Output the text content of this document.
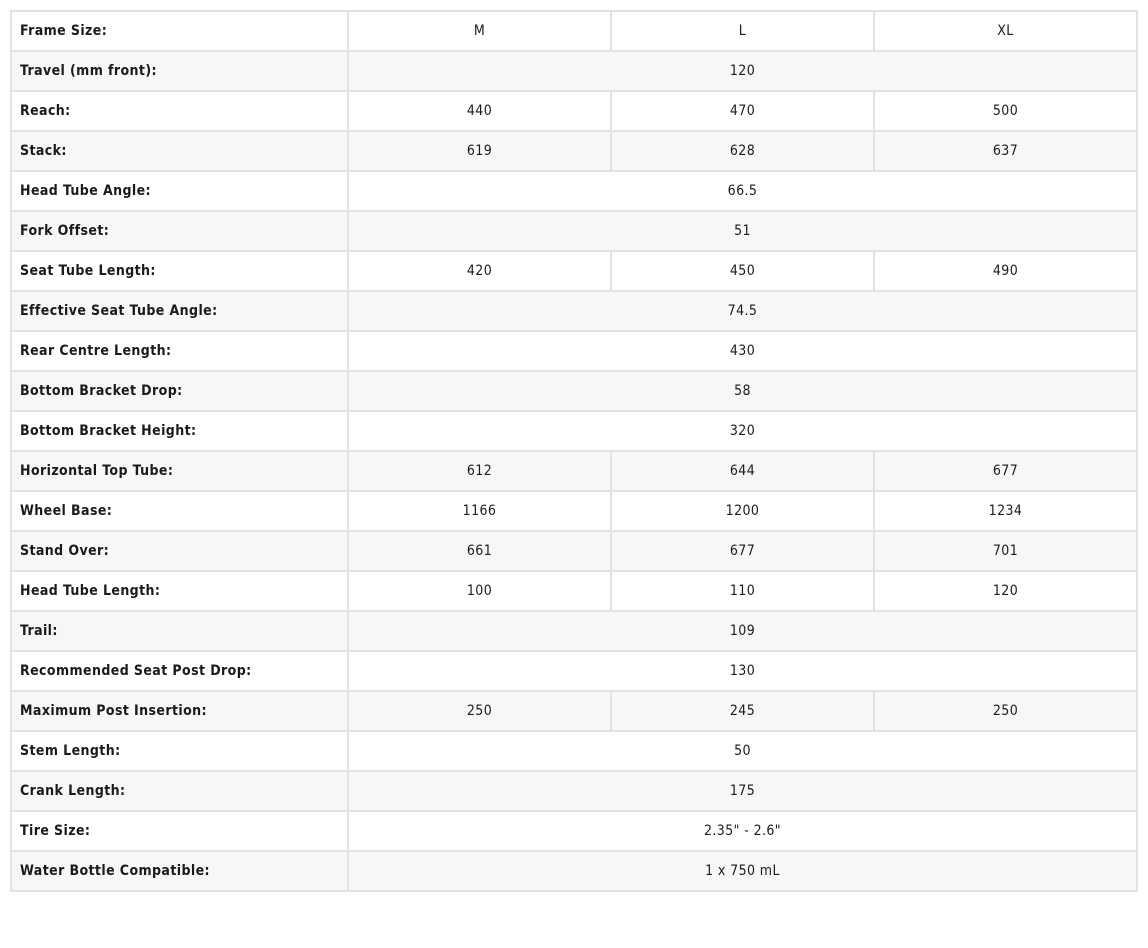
Frame Size:	M	L	XL
Travel (mm front):	120		
Reach:	440	470	500
Stack:	619	628	637
Head Tube Angle:	66.5		
Fork Offset:	51		
Seat Tube Length:	420	450	490
Effective Seat Tube Angle:	74.5		
Rear Centre Length:	430		
Bottom Bracket Drop:	58		
Bottom Bracket Height:	320		
Horizontal Top Tube:	612	644	677
Wheel Base:	1166	1200	1234
Stand Over:	661	677	701
Head Tube Length:	100	110	120
Trail:	109		
Recommended Seat Post Drop:	130		
Maximum Post Insertion:	250	245	250
Stem Length:	50		
Crank Length:	175		
Tire Size:	2.35" - 2.6"		
Water Bottle Compatible:	1 x 750 mL		
